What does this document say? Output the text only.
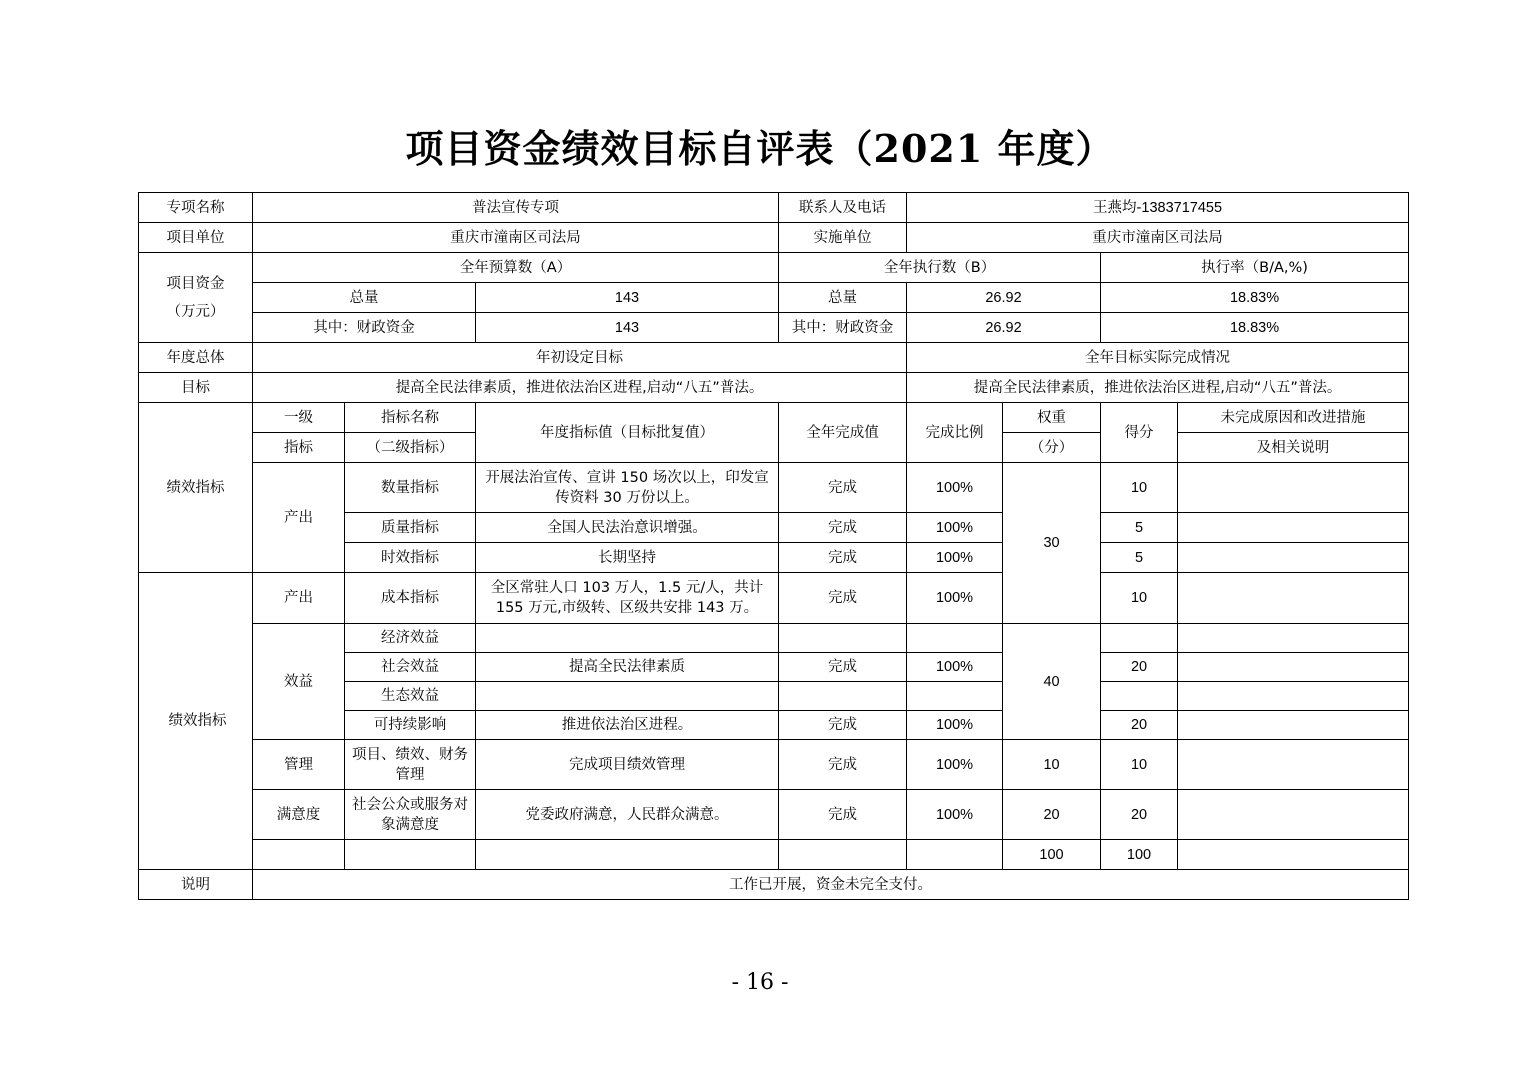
项目资金绩效目标自评表（2021 年度）
专项名称	普法宣传专项			联系人及电话	王燕均-1383717455			
项目单位	重庆市潼南区司法局			实施单位	重庆市潼南区司法局			

项目资金
（万元）	全年预算数（A）			全年执行数（B）			执行率（B/A,%)	
	总量		143	总量	26.92		18.83%	
	其中：财政资金		143	其中：财政资金	26.92		18.83%	
年度总体	年初设定目标				全年目标实际完成情况			
目标	提高全民法律素质，推进依法治区进程,启动“八五”普法。				提高全民法律素质，推进依法治区进程,启动“八五”普法。			
绩效指标	一级	指标名称	年度指标值（目标批复值）	全年完成值	完成比例	权重	得分	未完成原因和改进措施
	指标	（二级指标）				（分）		及相关说明
	产出	数量指标	开展法治宣传、宣讲 150 场次以上，印发宣传资料 30 万份以上。	完成	100%	30	10	
		质量指标	全国人民法治意识增强。	完成	100%		5	
		时效指标	长期坚持	完成	100%		5	
绩效指标	产出	成本指标	全区常驻人口 103 万人，1.5 元/人，共计 155 万元,市级转、区级共安排 143 万。	完成	100%		10	
	效益	经济效益				40		
		社会效益	提高全民法律素质	完成	100%		20	
		生态效益						
		可持续影响	推进依法治区进程。	完成	100%		20	
	管理	项目、绩效、财务管理	完成项目绩效管理	完成	100%	10	10	
	满意度	社会公众或服务对象满意度	党委政府满意，人民群众满意。	完成	100%	20	20	
						100	100	
说明	工作已开展，资金未完全支付。							
- 16 -
